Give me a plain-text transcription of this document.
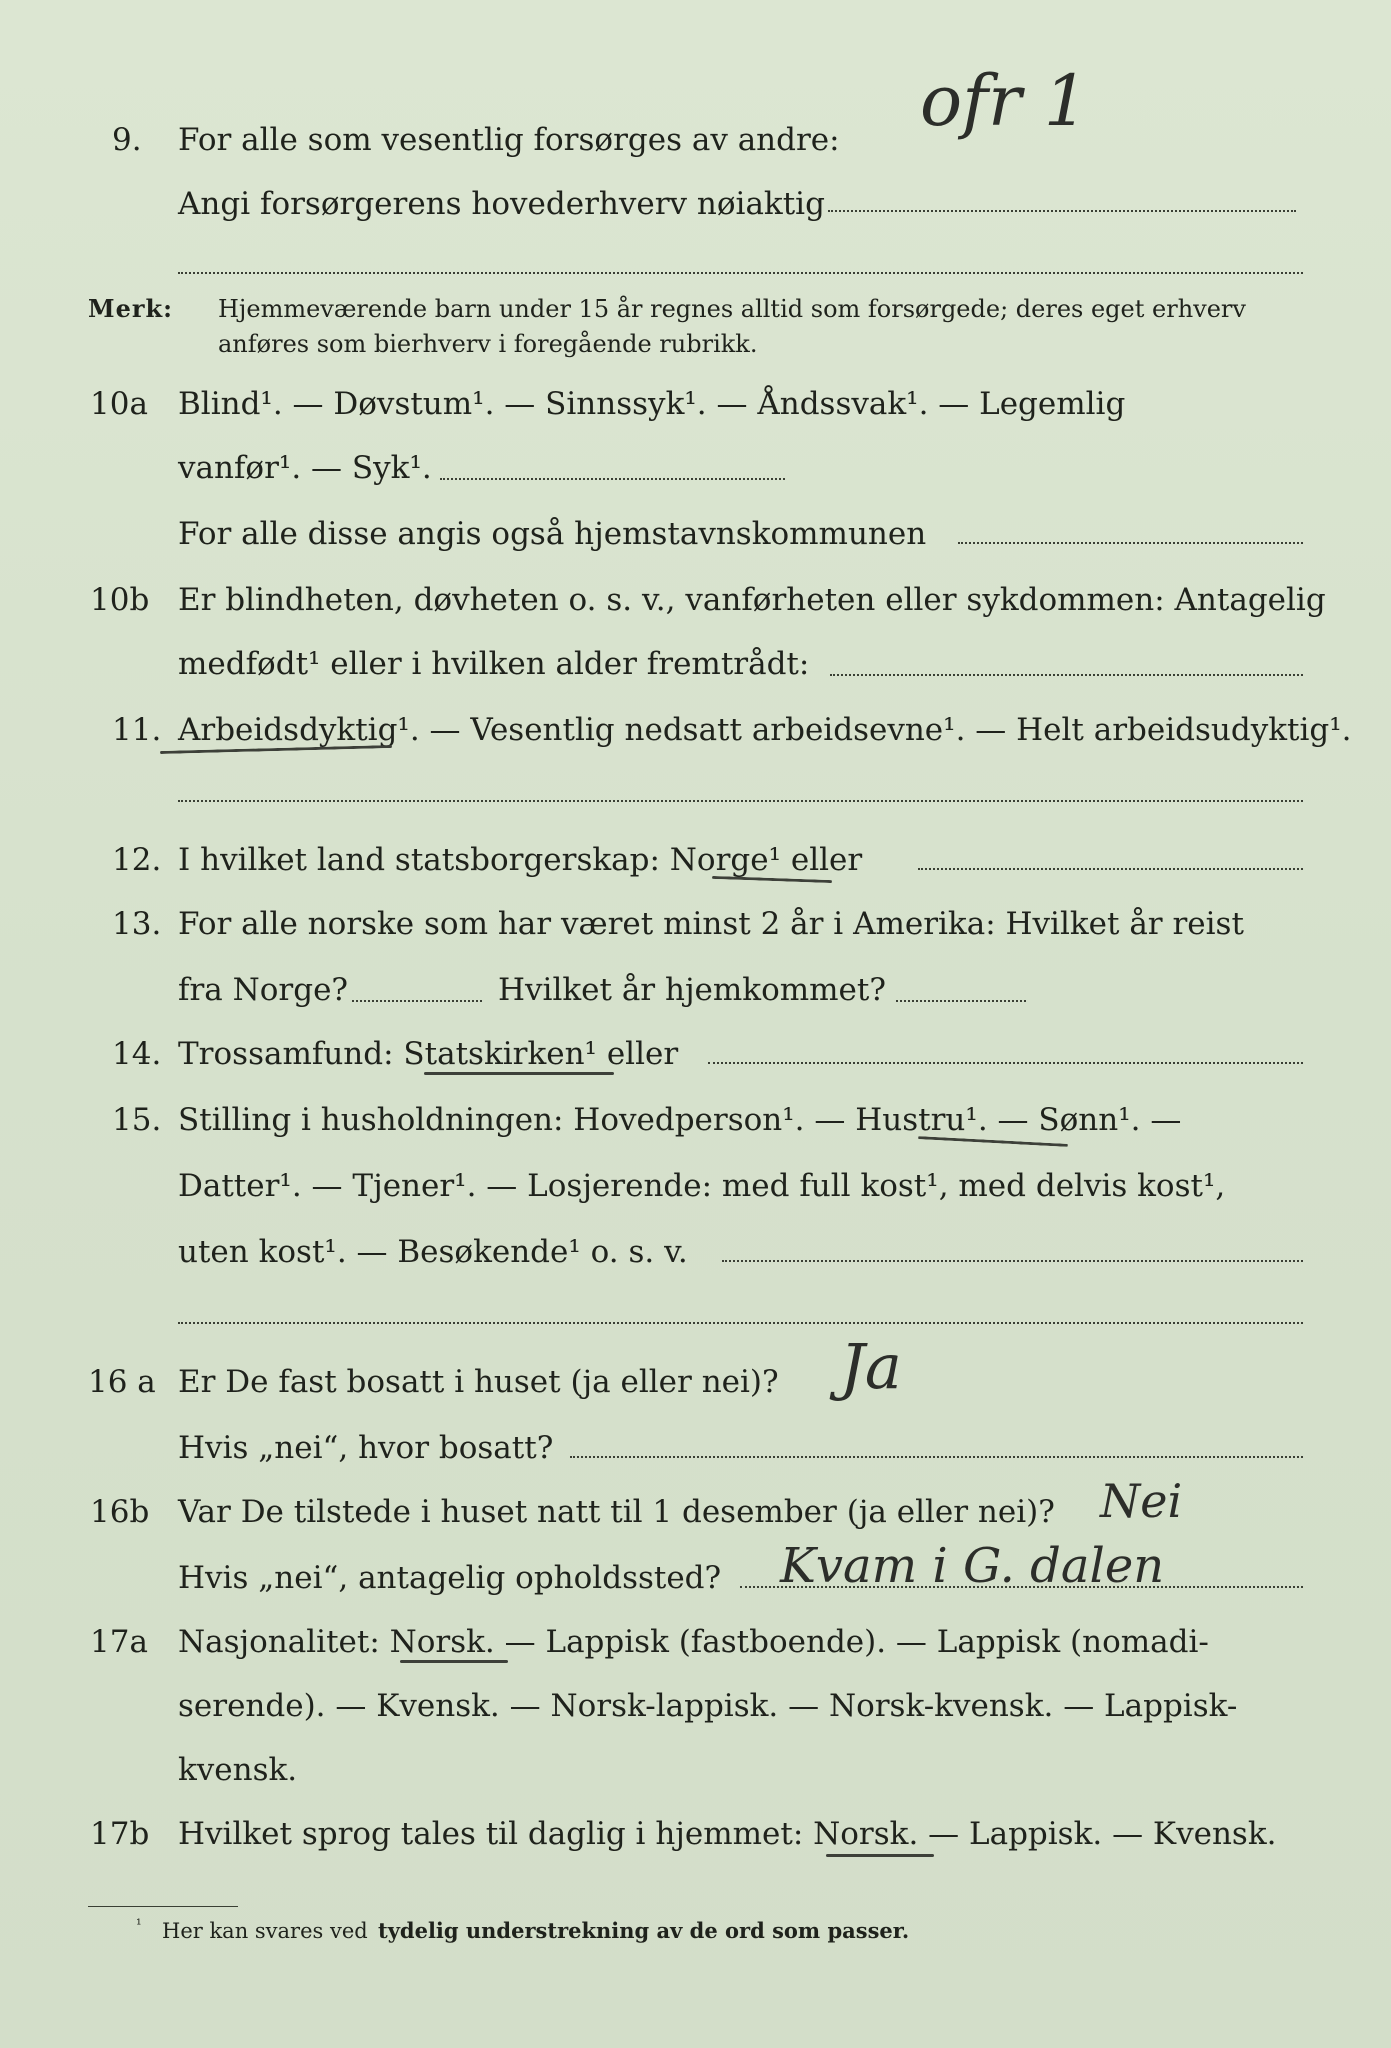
9. For alle som vesentlig forsørges av andre: ofr 1
Angi forsørgerens hovederhverv nøiaktig
Merk: Hjemmeværende barn under 15 år regnes alltid som forsørgede; deres eget erhverv
anføres som bierhverv i foregående rubrikk.
10a Blind¹. — Døvstum¹. — Sinnssyk¹. — Åndssvak¹. — Legemlig
vanfør¹. — Syk¹.
For alle disse angis også hjemstavnskommunen
10b Er blindheten, døvheten o. s. v., vanførheten eller sykdommen: Antagelig
medfødt¹ eller i hvilken alder fremtrådt:
11. Arbeidsdyktig¹. — Vesentlig nedsatt arbeidsevne¹. — Helt arbeidsudyktig¹.
12. I hvilket land statsborgerskap: Norge¹ eller
13. For alle norske som har været minst 2 år i Amerika: Hvilket år reist
fra Norge?	Hvilket år hjemkommet?
14. Trossamfund: Statskirken¹ eller
15. Stilling i husholdningen: Hovedperson¹. — Hustru¹. — Sønn¹. —
Datter¹. — Tjener¹. — Losjerende: med full kost¹, med delvis kost¹,
uten kost¹. — Besøkende¹ o. s. v.
16 a Er De fast bosatt i huset (ja eller nei)? Ja
Hvis „nei“, hvor bosatt?
16b Var De tilstede i huset natt til 1 desember (ja eller nei)? Nei
Hvis „nei“, antagelig opholdssted? Kvam i G. dalen
17a Nasjonalitet: Norsk. — Lappisk (fastboende). — Lappisk (nomadi-
serende). — Kvensk. — Norsk-lappisk. — Norsk-kvensk. — Lappisk-
kvensk.
17b Hvilket sprog tales til daglig i hjemmet: Norsk. — Lappisk. — Kvensk.
¹ Her kan svares ved tydelig understrekning av de ord som passer.
